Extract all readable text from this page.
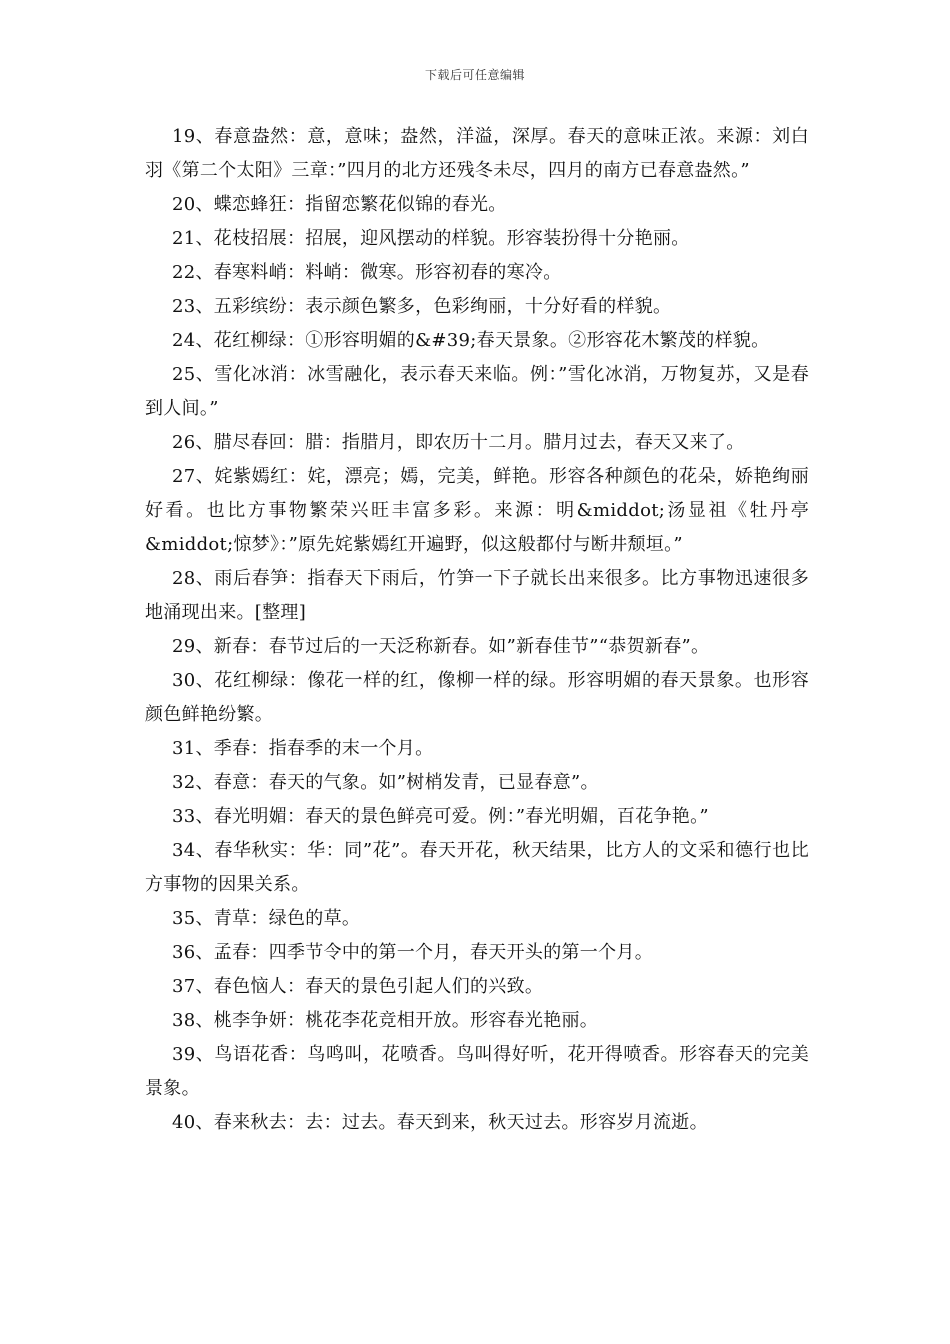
下载后可任意编辑

19、春意盎然：意，意味；盎然，洋溢，深厚。春天的意味正浓。来源：刘白羽《第二个太阳》三章：”四月的北方还残冬未尽，四月的南方已春意盎然。”

20、蝶恋蜂狂：指留恋繁花似锦的春光。

21、花枝招展：招展，迎风摆动的样貌。形容装扮得十分艳丽。

22、春寒料峭：料峭：微寒。形容初春的寒冷。

23、五彩缤纷：表示颜色繁多，色彩绚丽，十分好看的样貌。

24、花红柳绿：①形容明媚的&#39;春天景象。②形容花木繁茂的样貌。

25、雪化冰消：冰雪融化，表示春天来临。例：”雪化冰消，万物复苏，又是春到人间。”

26、腊尽春回：腊：指腊月，即农历十二月。腊月过去，春天又来了。

27、姹紫嫣红：姹，漂亮；嫣，完美，鲜艳。形容各种颜色的花朵，娇艳绚丽好看。也比方事物繁荣兴旺丰富多彩。来源：明&middot;汤显祖《牡丹亭&middot;惊梦》：”原先姹紫嫣红开遍野，似这般都付与断井颓垣。”

28、雨后春笋：指春天下雨后，竹笋一下子就长出来很多。比方事物迅速很多地涌现出来。[整理]

29、新春：春节过后的一天泛称新春。如”新春佳节”“恭贺新春”。

30、花红柳绿：像花一样的红，像柳一样的绿。形容明媚的春天景象。也形容颜色鲜艳纷繁。

31、季春：指春季的末一个月。

32、春意：春天的气象。如”树梢发青，已显春意”。

33、春光明媚：春天的景色鲜亮可爱。例：”春光明媚，百花争艳。”

34、春华秋实：华：同”花”。春天开花，秋天结果，比方人的文采和德行也比方事物的因果关系。

35、青草：绿色的草。

36、孟春：四季节令中的第一个月，春天开头的第一个月。

37、春色恼人：春天的景色引起人们的兴致。

38、桃李争妍：桃花李花竞相开放。形容春光艳丽。

39、鸟语花香：鸟鸣叫，花喷香。鸟叫得好听，花开得喷香。形容春天的完美景象。

40、春来秋去：去：过去。春天到来，秋天过去。形容岁月流逝。
